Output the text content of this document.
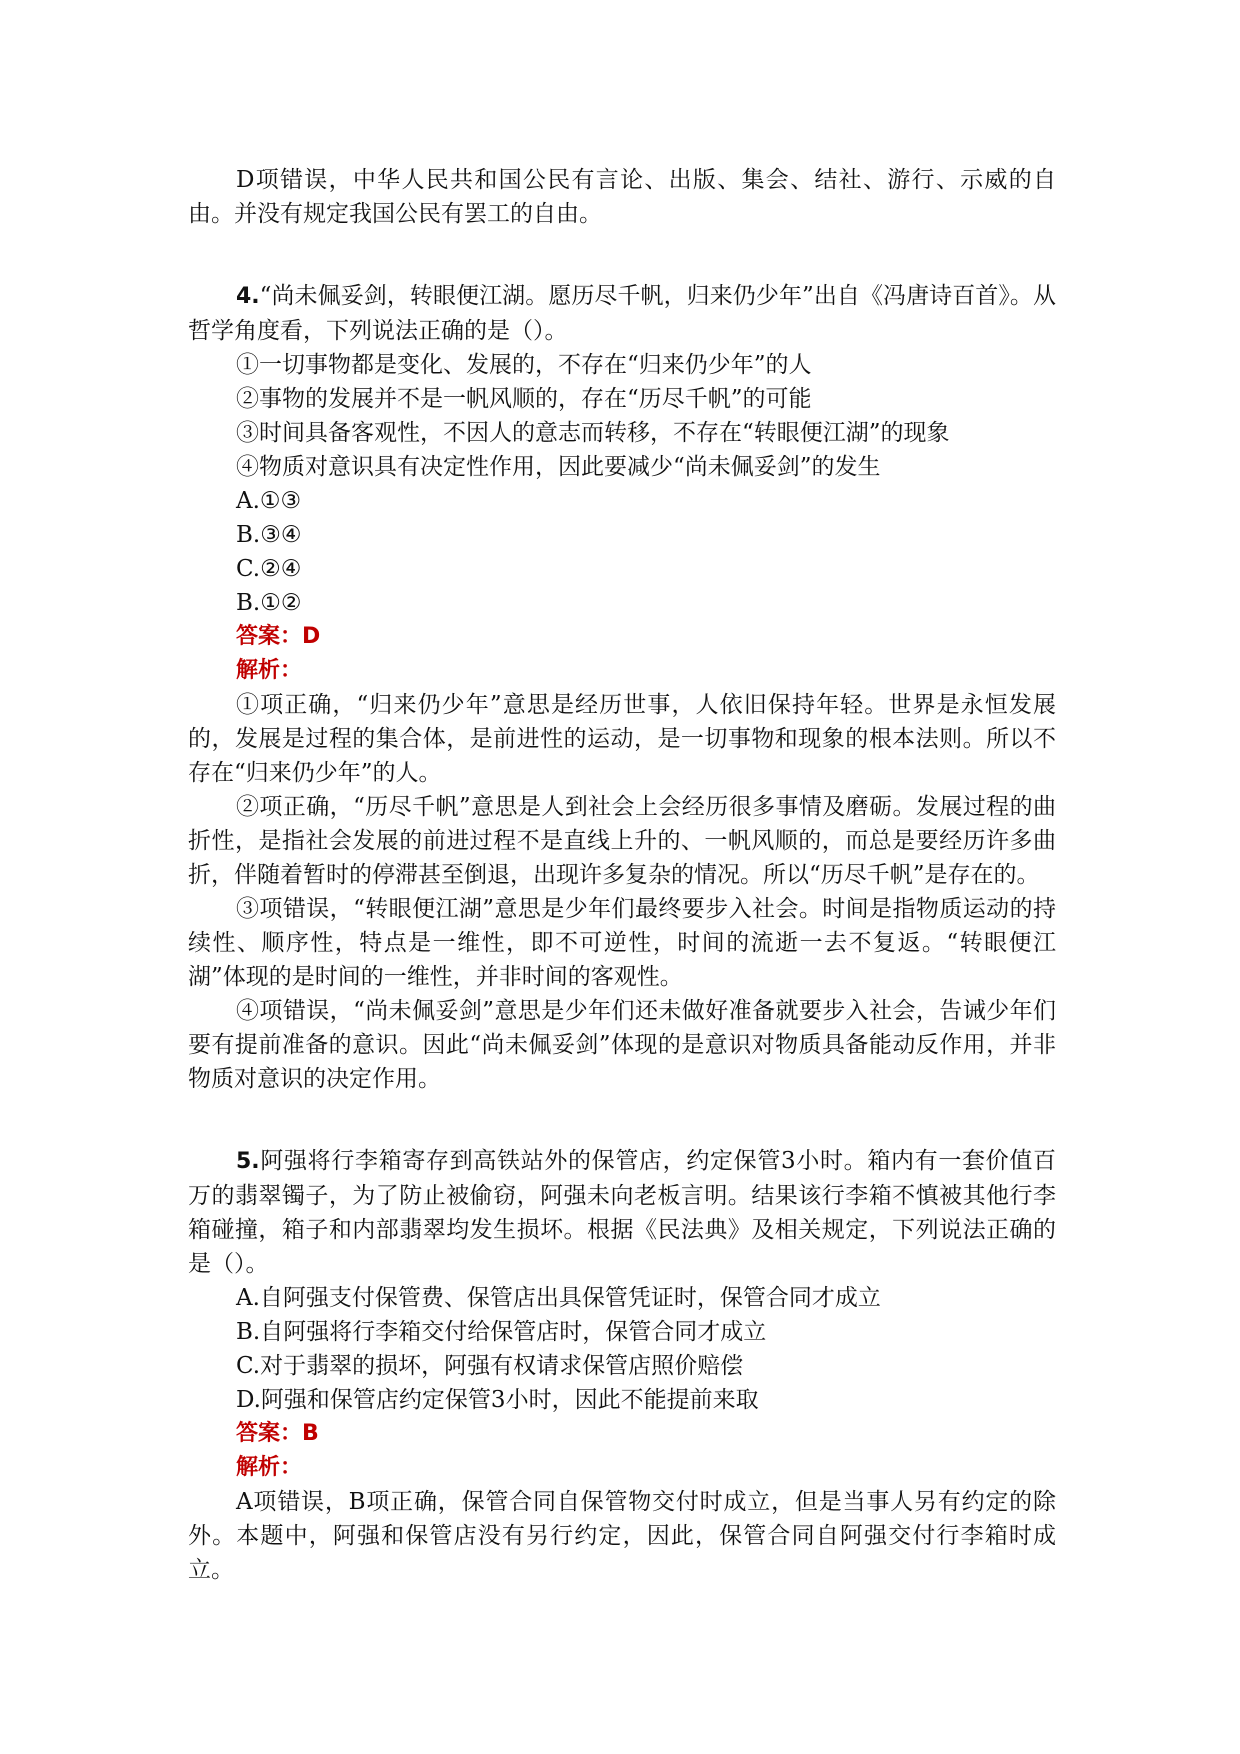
D项错误，中华人民共和国公民有言论、出版、集会、结社、游行、示威的自由。并没有规定我国公民有罢工的自由。

4.“尚未佩妥剑，转眼便江湖。愿历尽千帆，归来仍少年”出自《冯唐诗百首》。从哲学角度看，下列说法正确的是（）。

①一切事物都是变化、发展的，不存在“归来仍少年”的人

②事物的发展并不是一帆风顺的，存在“历尽千帆”的可能

③时间具备客观性，不因人的意志而转移，不存在“转眼便江湖”的现象

④物质对意识具有决定性作用，因此要减少“尚未佩妥剑”的发生

A.①③

B.③④

C.②④

B.①②

答案：D

解析：

①项正确，“归来仍少年”意思是经历世事，人依旧保持年轻。世界是永恒发展的，发展是过程的集合体，是前进性的运动，是一切事物和现象的根本法则。所以不存在“归来仍少年”的人。

②项正确，“历尽千帆”意思是人到社会上会经历很多事情及磨砺。发展过程的曲折性，是指社会发展的前进过程不是直线上升的、一帆风顺的，而总是要经历许多曲折，伴随着暂时的停滞甚至倒退，出现许多复杂的情况。所以“历尽千帆”是存在的。

③项错误，“转眼便江湖”意思是少年们最终要步入社会。时间是指物质运动的持续性、顺序性，特点是一维性，即不可逆性，时间的流逝一去不复返。“转眼便江湖”体现的是时间的一维性，并非时间的客观性。

④项错误，“尚未佩妥剑”意思是少年们还未做好准备就要步入社会，告诫少年们要有提前准备的意识。因此“尚未佩妥剑”体现的是意识对物质具备能动反作用，并非物质对意识的决定作用。

5.阿强将行李箱寄存到高铁站外的保管店，约定保管3小时。箱内有一套价值百万的翡翠镯子，为了防止被偷窃，阿强未向老板言明。结果该行李箱不慎被其他行李箱碰撞，箱子和内部翡翠均发生损坏。根据《民法典》及相关规定，下列说法正确的是（）。

A.自阿强支付保管费、保管店出具保管凭证时，保管合同才成立

B.自阿强将行李箱交付给保管店时，保管合同才成立

C.对于翡翠的损坏，阿强有权请求保管店照价赔偿

D.阿强和保管店约定保管3小时，因此不能提前来取

答案：B

解析：

A项错误，B项正确，保管合同自保管物交付时成立，但是当事人另有约定的除外。本题中，阿强和保管店没有另行约定，因此，保管合同自阿强交付行李箱时成立。
